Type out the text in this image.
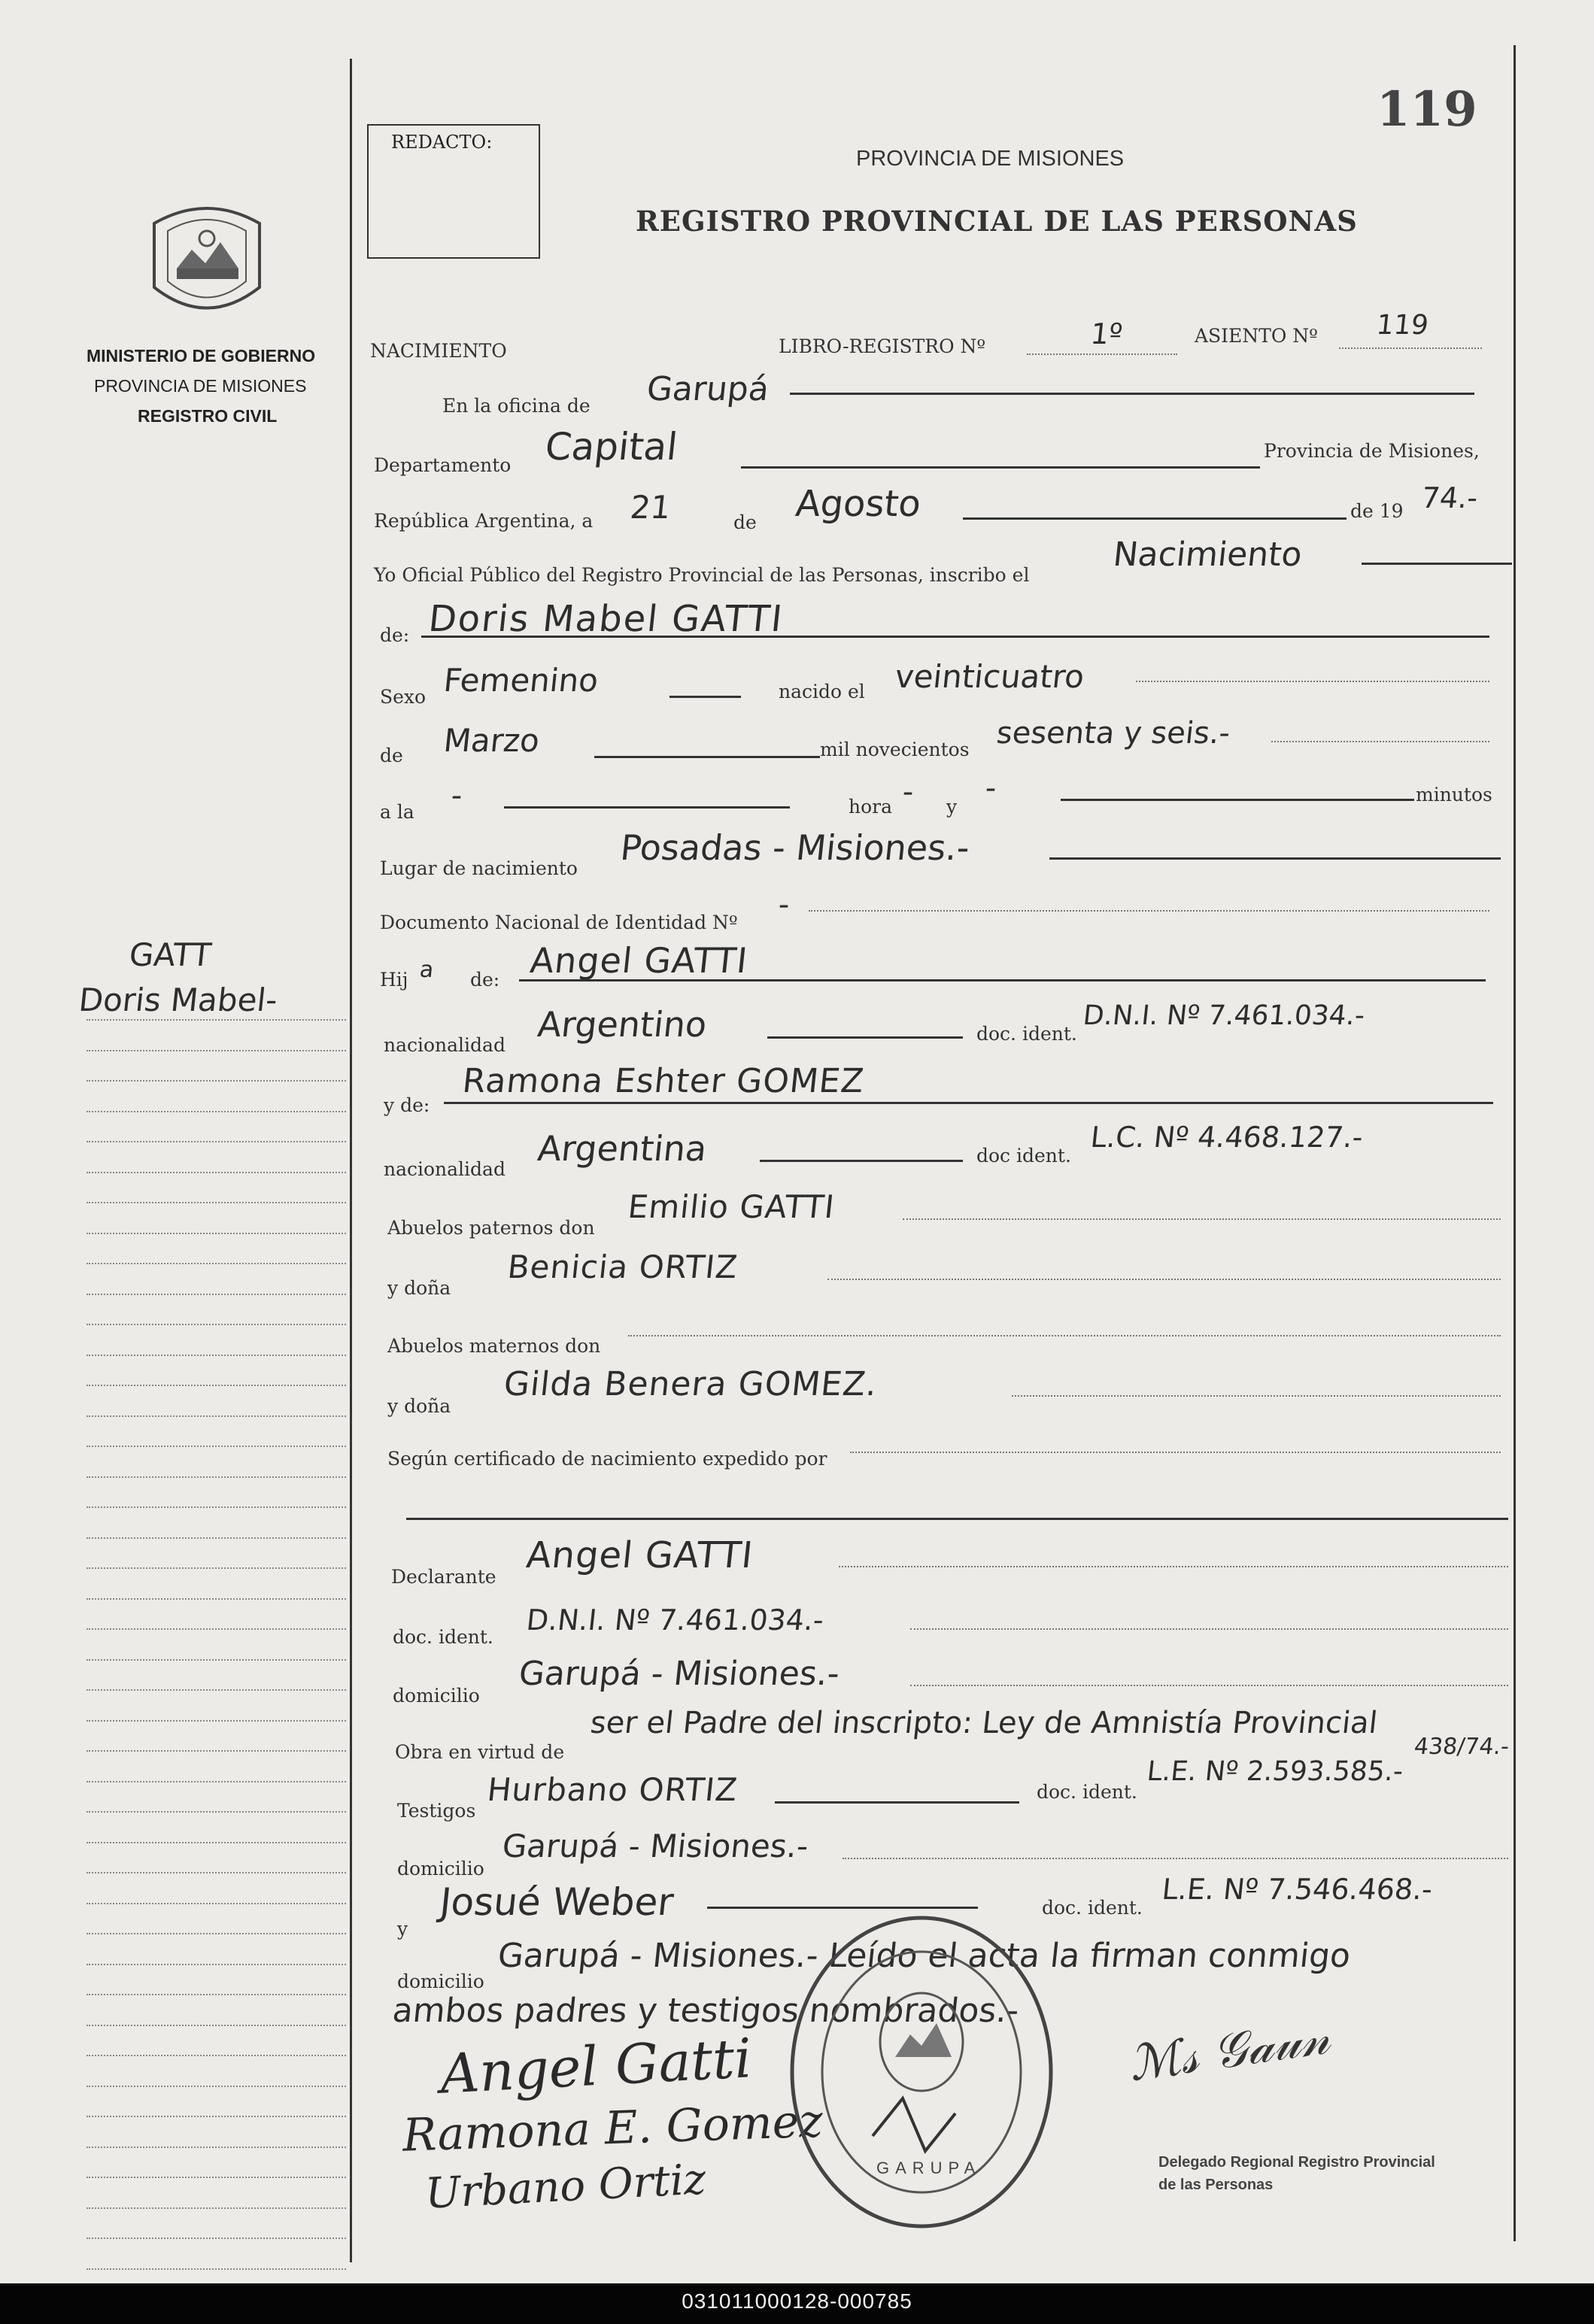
119
REDACTO:
PROVINCIA DE MISIONES
REGISTRO PROVINCIAL DE LAS PERSONAS
MINISTERIO DE GOBIERNO
PROVINCIA DE MISIONES
REGISTRO CIVIL
GATT
Doris Mabel-
NACIMIENTO	LIBRO-REGISTRO Nº	1º	ASIENTO Nº 119
En la oficina de Garupá
Departamento Capital	Provincia de Misiones,
República Argentina, a 21	de Agosto	de 19 74.-
Yo Oficial Público del Registro Provincial de las Personas, inscribo el
Nacimiento
de: Doris Mabel GATTI
Sexo Femenino	nacido el veinticuatro
de Marzo	mil novecientos sesenta y seis.-
a la -	hora - y
-	minutos
Lugar de nacimiento
Posadas - Misiones.-
Documento Nacional de Identidad Nº
-
Hij a de: Angel GATTI
nacionalidad
Argentino	doc. ident.
D.N.I. Nº 7.461.034.-
y de:
Ramona Eshter GOMEZ
nacionalidad
Argentina	doc ident.
L.C. Nº 4.468.127.-
Abuelos paternos don
Emilio GATTI
y doña
Benicia ORTIZ
Abuelos maternos don
y doña
Gilda Benera GOMEZ.
Según certificado de nacimiento expedido por
Declarante
Angel GATTI
doc. ident.
D.N.I. Nº 7.461.034.-
domicilio
Garupá - Misiones.-
Obra en virtud de
ser el Padre del inscripto: Ley de Amnistía Provincial
438/74.-
Testigos
Hurbano ORTIZ	doc. ident.
L.E. Nº 2.593.585.-
domicilio
Garupá - Misiones.-
y
Josué Weber	doc. ident.
L.E. Nº 7.546.468.-
domicilio
Garupá - Misiones.- Leído el acta la firman conmigo
ambos padres y testigos nombrados.-
Angel Gatti
Ramona E. Gomez
Urbano Ortiz	GARUPA
ℳ𝓈 𝒢𝒶𝓊𝓃
Delegado Regional Registro Provincial de las Personas
031011000128-000785
